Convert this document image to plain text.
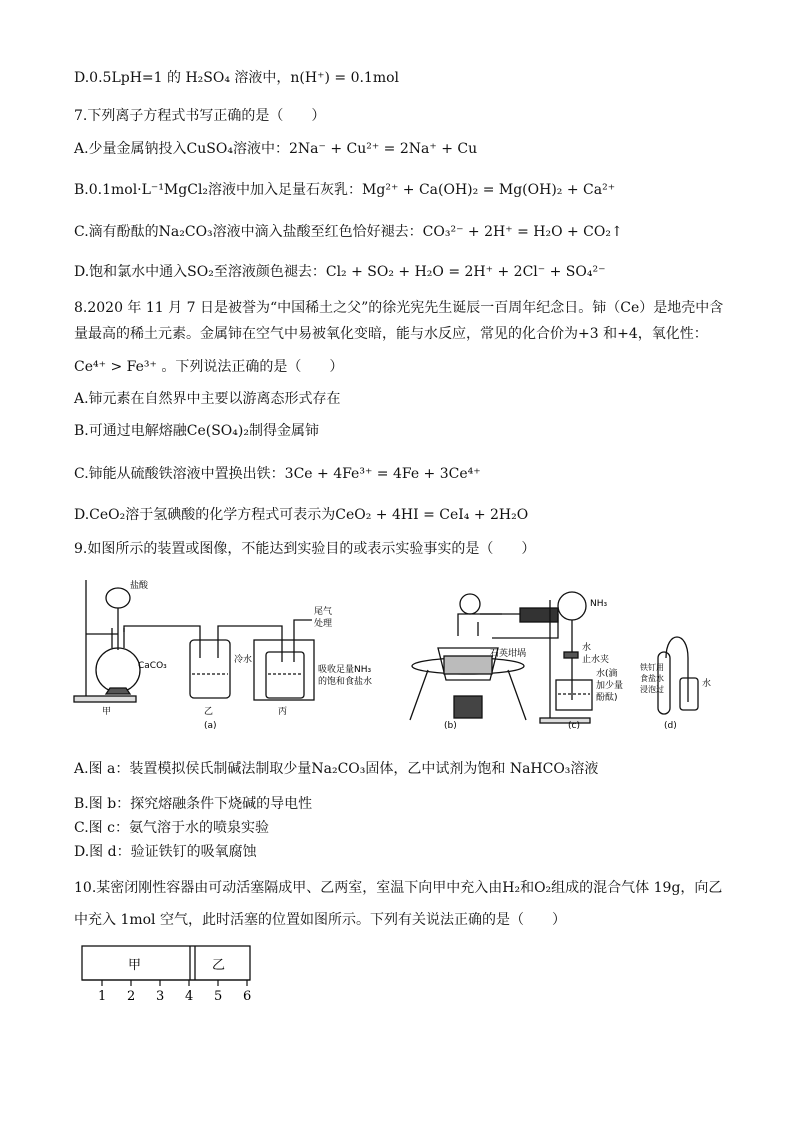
D.0.5LpH=1 的 H₂SO₄ 溶液中，n(H⁺) = 0.1mol
7.下列离子方程式书写正确的是（　　）
A.少量金属钠投入CuSO₄溶液中：2Na⁻ + Cu²⁺ = 2Na⁺ + Cu
B.0.1mol·L⁻¹MgCl₂溶液中加入足量石灰乳：Mg²⁺ + Ca(OH)₂ = Mg(OH)₂ + Ca²⁺
C.滴有酚酞的Na₂CO₃溶液中滴入盐酸至红色恰好褪去：CO₃²⁻ + 2H⁺ = H₂O + CO₂↑
D.饱和氯水中通入SO₂至溶液颜色褪去：Cl₂ + SO₂ + H₂O = 2H⁺ + 2Cl⁻ + SO₄²⁻
8.2020 年 11 月 7 日是被誉为“中国稀土之父”的徐光宪先生诞辰一百周年纪念日。铈（Ce）是地壳中含
量最高的稀土元素。金属铈在空气中易被氧化变暗，能与水反应，常见的化合价为+3 和+4，氧化性：
Ce⁴⁺ > Fe³⁺ 。下列说法正确的是（　　）
A.铈元素在自然界中主要以游离态形式存在
B.可通过电解熔融Ce(SO₄)₂制得金属铈
C.铈能从硫酸铁溶液中置换出铁：3Ce + 4Fe³⁺ = 4Fe + 3Ce⁴⁺
D.CeO₂溶于氢碘酸的化学方程式可表示为CeO₂ + 4HI = CeI₄ + 2H₂O
9.如图所示的装置或图像，不能达到实验目的或表示实验事实的是（　　）
A.图 a：装置模拟侯氏制碱法制取少量Na₂CO₃固体，乙中试剂为饱和 NaHCO₃溶液
B.图 b：探究熔融条件下烧碱的导电性
C.图 c：氨气溶于水的喷泉实验
D.图 d：验证铁钉的吸氧腐蚀
10.某密闭刚性容器由可动活塞隔成甲、乙两室，室温下向甲中充入由H₂和O₂组成的混合气体 19g，向乙
中充入 1mol 空气，此时活塞的位置如图所示。下列有关说法正确的是（　　）
CaCO₃
盐酸
尾气
处理
冷水
吸收足量NH₃
的饱和食盐水
甲	乙	丙
(a)	(b)
石英坩埚
NH₃
水
止水夹
水(滴
加少量
酚酞)
(c)
铁钉用
食盐水
浸泡过
水
(d)
甲	乙
1 2 3 4 5 6
